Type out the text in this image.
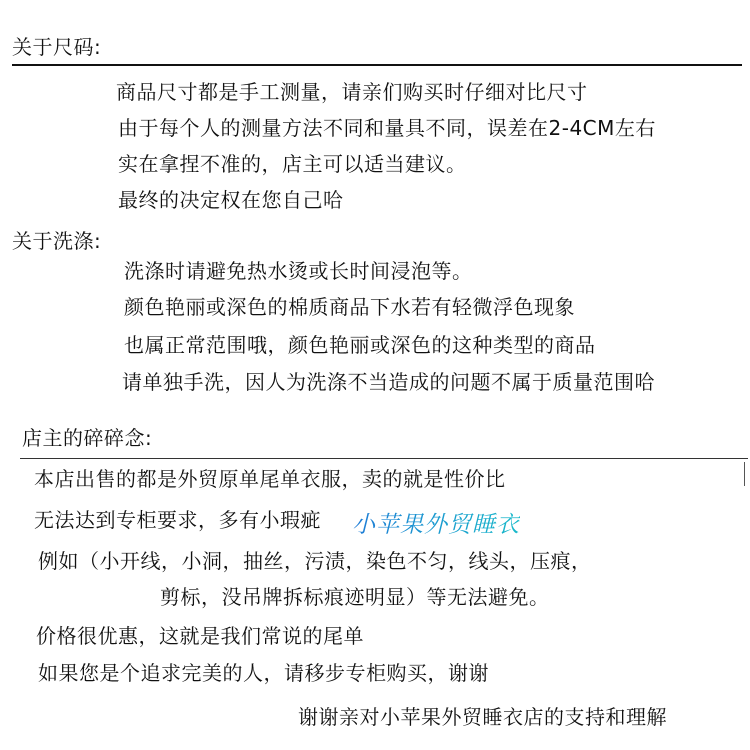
关于尺码:
商品尺寸都是手工测量，请亲们购买时仔细对比尺寸
由于每个人的测量方法不同和量具不同，误差在2-4CM左右
实在拿捏不准的，店主可以适当建议。
最终的决定权在您自己哈
关于洗涤:
洗涤时请避免热水烫或长时间浸泡等。
颜色艳丽或深色的棉质商品下水若有轻微浮色现象
也属正常范围哦，颜色艳丽或深色的这种类型的商品
请单独手洗，因人为洗涤不当造成的问题不属于质量范围哈
店主的碎碎念:
本店出售的都是外贸原单尾单衣服，卖的就是性价比
无法达到专柜要求，多有小瑕疵
例如（小开线，小洞，抽丝，污渍，染色不匀，线头，压痕，
剪标，没吊牌拆标痕迹明显）等无法避免。
价格很优惠，这就是我们常说的尾单
如果您是个追求完美的人，请移步专柜购买，谢谢
谢谢亲对小苹果外贸睡衣店的支持和理解
小苹果外贸睡衣
